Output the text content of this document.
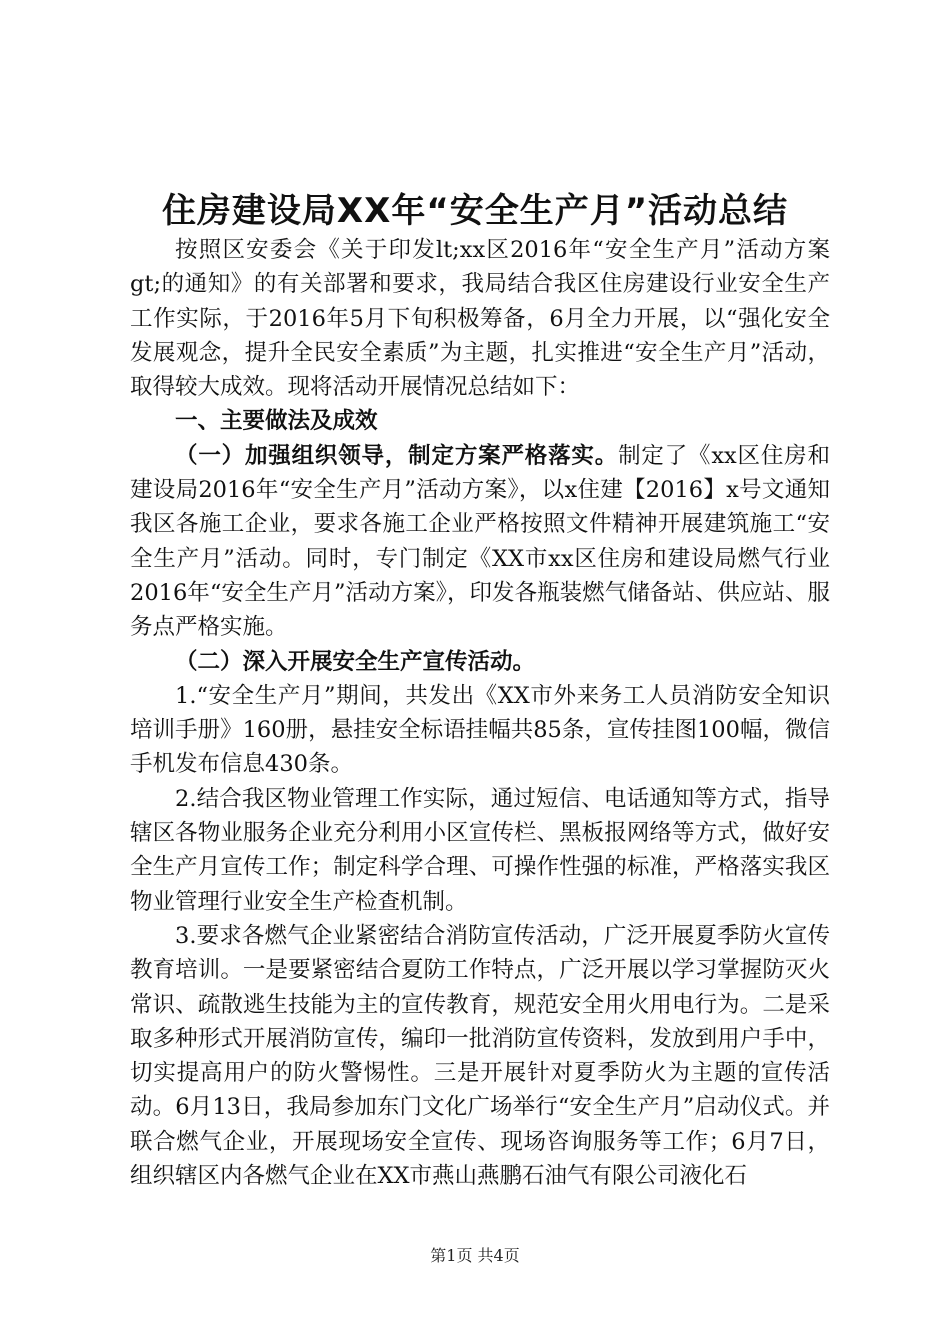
住房建设局XX年“安全生产月”活动总结

按照区安委会《关于印发lt;xx区2016年“安全生产月”活动方案gt;的通知》的有关部署和要求，我局结合我区住房建设行业安全生产工作实际，于2016年5月下旬积极筹备，6月全力开展，以“强化安全发展观念，提升全民安全素质”为主题，扎实推进“安全生产月”活动，取得较大成效。现将活动开展情况总结如下：

一、主要做法及成效

（一）加强组织领导，制定方案严格落实。制定了《xx区住房和建设局2016年“安全生产月”活动方案》，以x住建【2016】x号文通知我区各施工企业，要求各施工企业严格按照文件精神开展建筑施工“安全生产月”活动。同时，专门制定《XX市xx区住房和建设局燃气行业2016年“安全生产月”活动方案》，印发各瓶装燃气储备站、供应站、服务点严格实施。

（二）深入开展安全生产宣传活动。

1.“安全生产月”期间，共发出《XX市外来务工人员消防安全知识培训手册》160册，悬挂安全标语挂幅共85条，宣传挂图100幅，微信手机发布信息430条。

2.结合我区物业管理工作实际，通过短信、电话通知等方式，指导辖区各物业服务企业充分利用小区宣传栏、黑板报网络等方式，做好安全生产月宣传工作；制定科学合理、可操作性强的标准，严格落实我区物业管理行业安全生产检查机制。

3.要求各燃气企业紧密结合消防宣传活动，广泛开展夏季防火宣传教育培训。一是要紧密结合夏防工作特点，广泛开展以学习掌握防灭火常识、疏散逃生技能为主的宣传教育，规范安全用火用电行为。二是采取多种形式开展消防宣传，编印一批消防宣传资料，发放到用户手中，切实提高用户的防火警惕性。三是开展针对夏季防火为主题的宣传活动。6月13日，我局参加东门文化广场举行“安全生产月”启动仪式。并联合燃气企业，开展现场安全宣传、现场咨询服务等工作；6月7日，组织辖区内各燃气企业在XX市燕山燕鹏石油气有限公司液化石

第1页 共4页
